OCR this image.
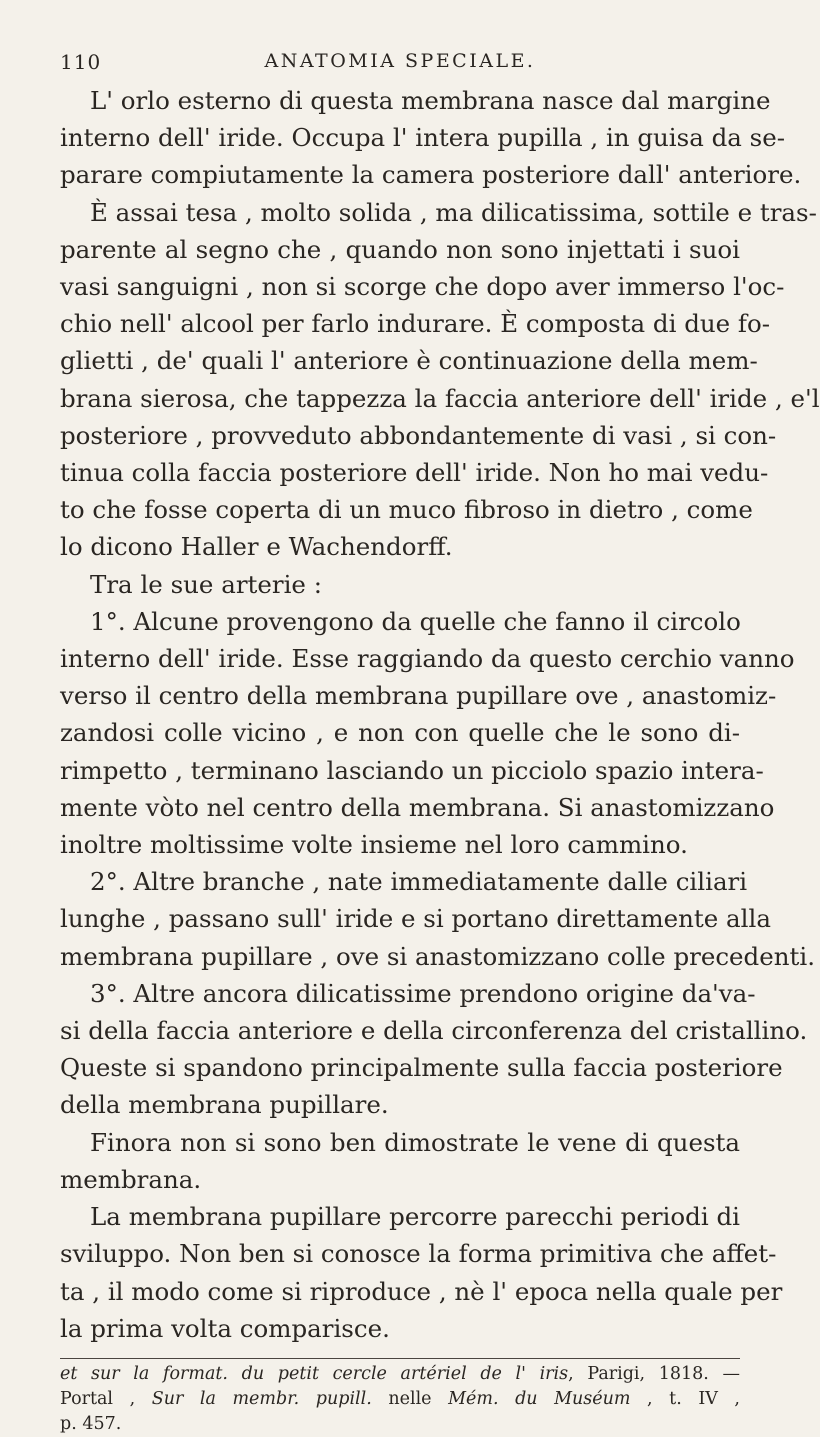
110	ANATOMIA SPECIALE.
L' orlo esterno di questa membrana nasce dal margine
interno dell' iride. Occupa l' intera pupilla , in guisa da se-
parare compiutamente la camera posteriore dall' anteriore.
È assai tesa , molto solida , ma dilicatissima, sottile e tras-
parente al segno che , quando non sono injettati i suoi
vasi sanguigni , non si scorge che dopo aver immerso l'oc-
chio nell' alcool per farlo indurare. È composta di due fo-
glietti , de' quali l' anteriore è continuazione della mem-
brana sierosa, che tappezza la faccia anteriore dell' iride , e'l
posteriore , provveduto abbondantemente di vasi , si con-
tinua colla faccia posteriore dell' iride. Non ho mai vedu-
to che fosse coperta di un muco fibroso in dietro , come
lo dicono Haller e Wachendorff.
Tra le sue arterie :
1°. Alcune provengono da quelle che fanno il circolo
interno dell' iride. Esse raggiando da questo cerchio vanno
verso il centro della membrana pupillare ove , anastomiz-
zandosi colle vicino , e non con quelle che le sono di-
rimpetto , terminano lasciando un picciolo spazio intera-
mente vòto nel centro della membrana. Si anastomizzano
inoltre moltissime volte insieme nel loro cammino.
2°. Altre branche , nate immediatamente dalle ciliari
lunghe , passano sull' iride e si portano direttamente alla
membrana pupillare , ove si anastomizzano colle precedenti.
3°. Altre ancora dilicatissime prendono origine da'va-
si della faccia anteriore e della circonferenza del cristallino.
Queste si spandono principalmente sulla faccia posteriore
della membrana pupillare.
Finora non si sono ben dimostrate le vene di questa
membrana.
La membrana pupillare percorre parecchi periodi di
sviluppo. Non ben si conosce la forma primitiva che affet-
ta , il modo come si riproduce , nè l' epoca nella quale per
la prima volta comparisce.
et sur la format. du petit cercle artériel de l' iris, Parigi, 1818. —
Portal , Sur la membr. pupill. nelle Mém. du Muséum , t. IV ,
p. 457.
